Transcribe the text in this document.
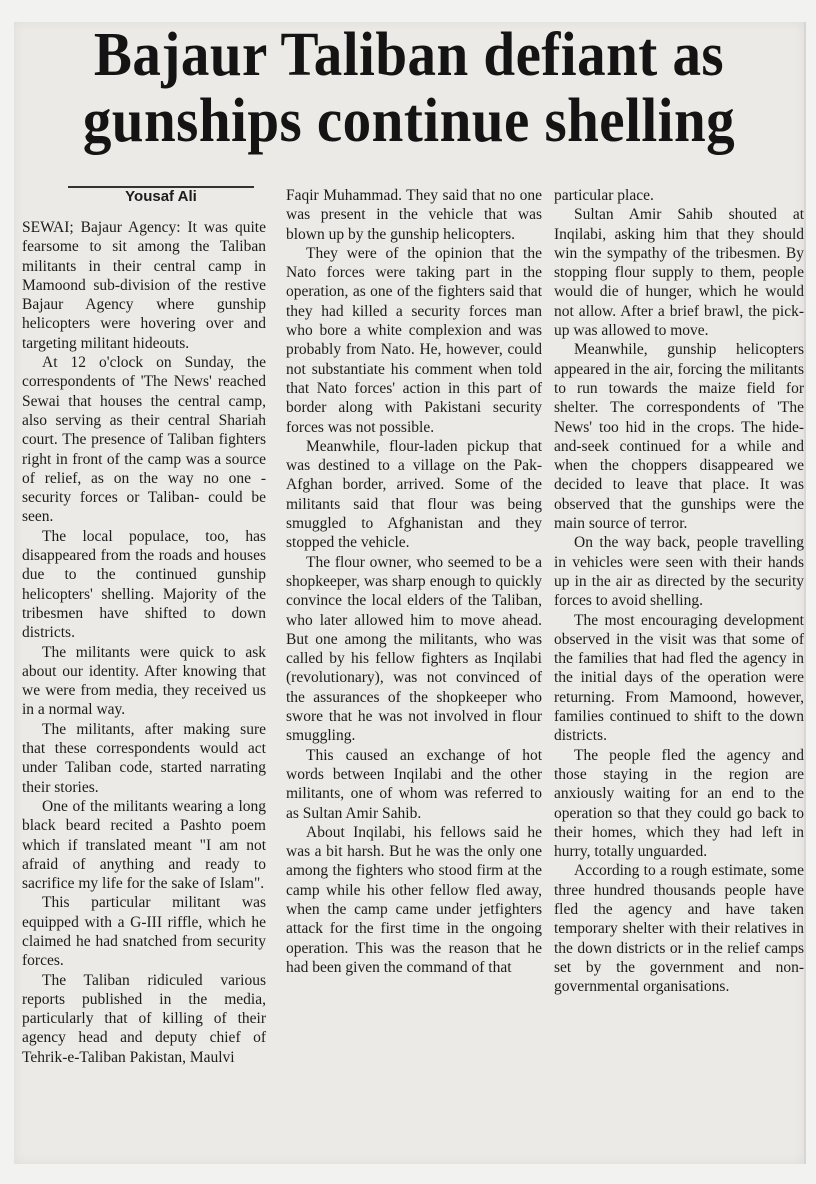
Bajaur Taliban defiant as
gunships continue shelling
Yousaf Ali

SEWAI; Bajaur Agency: It was quite fearsome to sit among the Taliban militants in their central camp in Mamoond sub-division of the restive Bajaur Agency where gunship helicopters were hovering over and targeting militant hideouts.

At 12 o'clock on Sunday, the correspondents of 'The News' reached Sewai that houses the central camp, also serving as their central Shariah court. The presence of Taliban fighters right in front of the camp was a source of relief, as on the way no one - security forces or Taliban- could be seen.

The local populace, too, has disappeared from the roads and houses due to the continued gunship helicopters' shelling. Majority of the tribesmen have shifted to down districts.

The militants were quick to ask about our identity. After knowing that we were from media, they received us in a normal way.

The militants, after making sure that these correspondents would act under Taliban code, started narrating their stories.

One of the militants wearing a long black beard recited a Pashto poem which if translated meant "I am not afraid of anything and ready to sacrifice my life for the sake of Islam".

This particular militant was equipped with a G-III riffle, which he claimed he had snatched from security forces.

The Taliban ridiculed various reports published in the media, particularly that of killing of their agency head and deputy chief of Tehrik-e-Taliban Pakistan, Maulvi

Faqir Muhammad. They said that no one was present in the vehicle that was blown up by the gunship helicopters.

They were of the opinion that the Nato forces were taking part in the operation, as one of the fighters said that they had killed a security forces man who bore a white complexion and was probably from Nato. He, however, could not substantiate his comment when told that Nato forces' action in this part of border along with Pakistani security forces was not possible.

Meanwhile, flour-laden pickup that was destined to a village on the Pak-Afghan border, arrived. Some of the militants said that flour was being smuggled to Afghanistan and they stopped the vehicle.

The flour owner, who seemed to be a shopkeeper, was sharp enough to quickly convince the local elders of the Taliban, who later allowed him to move ahead. But one among the militants, who was called by his fellow fighters as Inqilabi (revolutionary), was not convinced of the assurances of the shopkeeper who swore that he was not involved in flour smuggling.

This caused an exchange of hot words between Inqilabi and the other militants, one of whom was referred to as Sultan Amir Sahib.

About Inqilabi, his fellows said he was a bit harsh. But he was the only one among the fighters who stood firm at the camp while his other fellow fled away, when the camp came under jetfighters attack for the first time in the ongoing operation. This was the reason that he had been given the command of that

particular place.

Sultan Amir Sahib shouted at Inqilabi, asking him that they should win the sympathy of the tribesmen. By stopping flour supply to them, people would die of hunger, which he would not allow. After a brief brawl, the pick-up was allowed to move.

Meanwhile, gunship helicopters appeared in the air, forcing the militants to run towards the maize field for shelter. The correspondents of 'The News' too hid in the crops. The hide-and-seek continued for a while and when the choppers disappeared we decided to leave that place. It was observed that the gunships were the main source of terror.

On the way back, people travelling in vehicles were seen with their hands up in the air as directed by the security forces to avoid shelling.

The most encouraging development observed in the visit was that some of the families that had fled the agency in the initial days of the operation were returning. From Mamoond, however, families continued to shift to the down districts.

The people fled the agency and those staying in the region are anxiously waiting for an end to the operation so that they could go back to their homes, which they had left in hurry, totally unguarded.

According to a rough estimate, some three hundred thousands people have fled the agency and have taken temporary shelter with their relatives in the down districts or in the relief camps set by the government and non-governmental organisations.
